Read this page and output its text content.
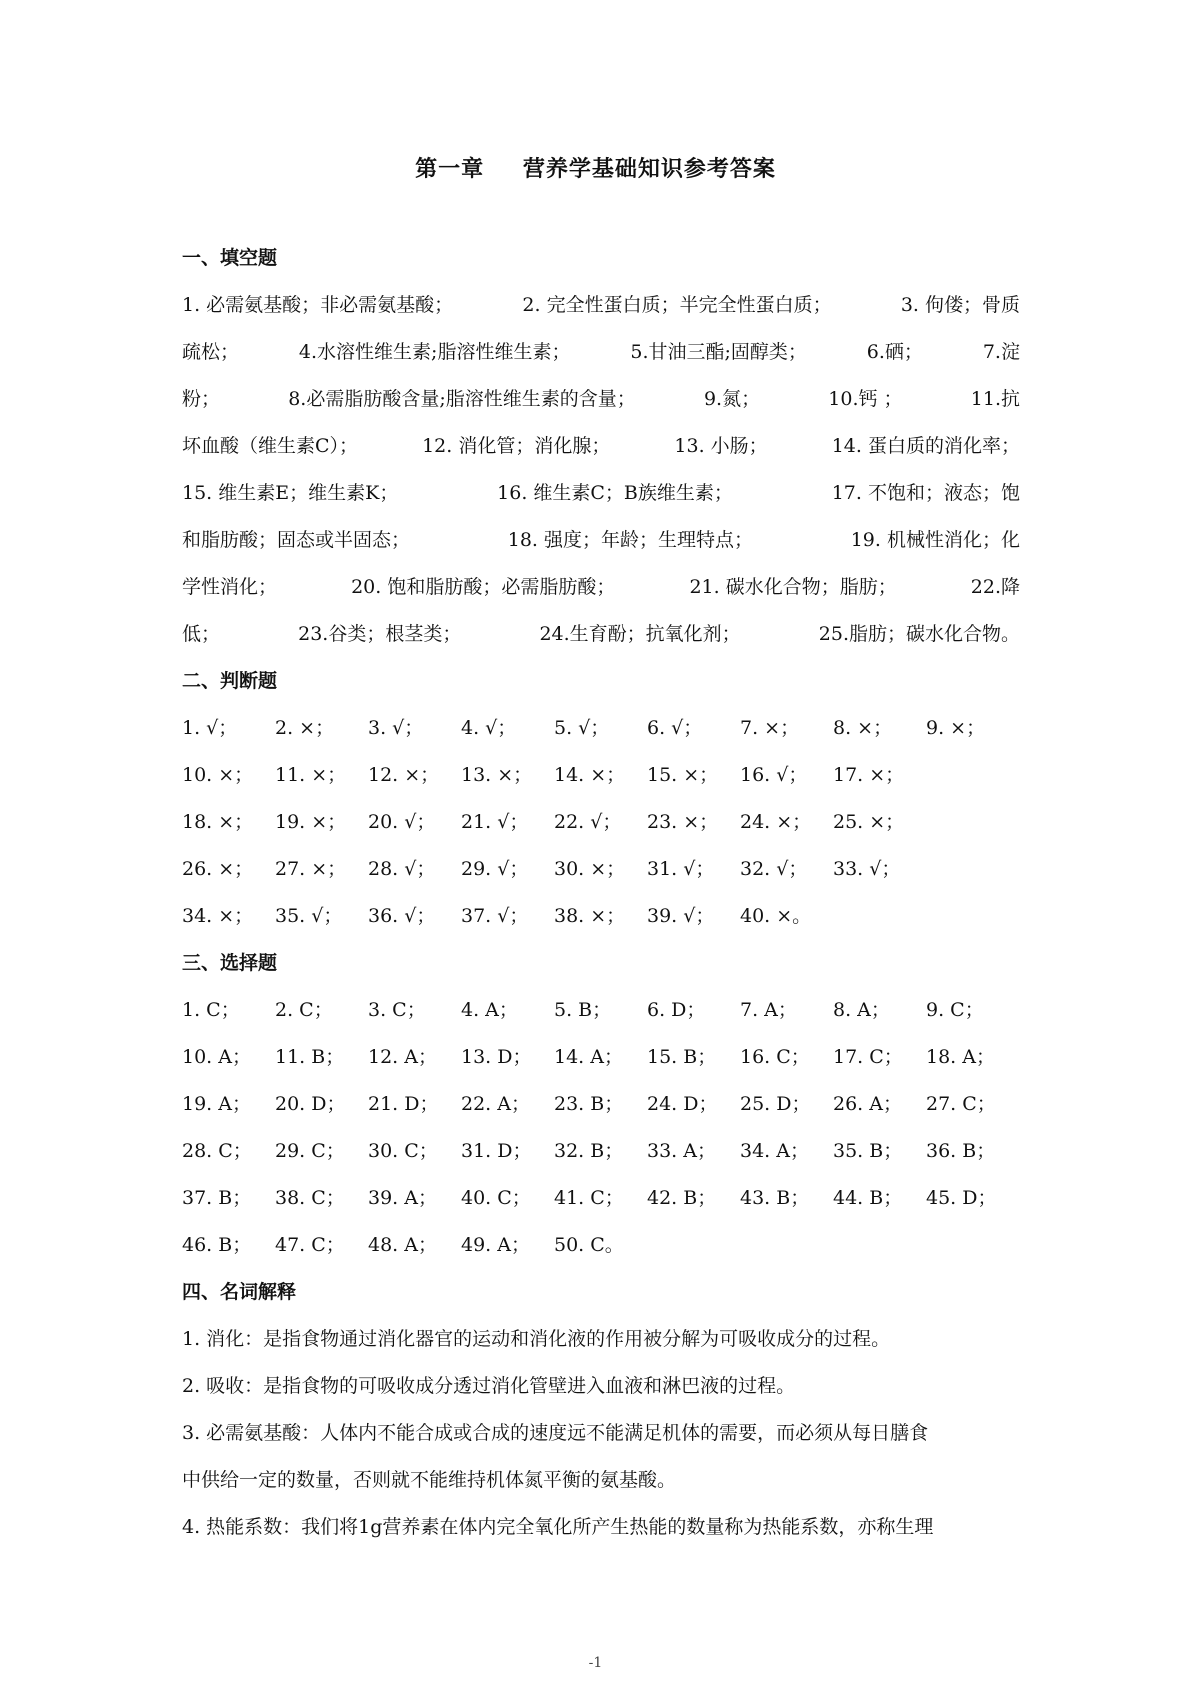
第一章 营养学基础知识参考答案
一、填空题
1. 必需氨基酸；非必需氨基酸；	2. 完全性蛋白质；半完全性蛋白质；	3. 佝偻；骨质
疏松；	4.水溶性维生素;脂溶性维生素；	5.甘油三酯;固醇类；	6.硒；	7.淀
粉；	8.必需脂肪酸含量;脂溶性维生素的含量；	9.氮；	10.钙 ；	11.抗
坏血酸（维生素C）；	12. 消化管；消化腺；	13. 小肠；	14. 蛋白质的消化率；
15. 维生素E；维生素K；	16. 维生素C；B族维生素；	17. 不饱和；液态；饱
和脂肪酸；固态或半固态；	18. 强度；年龄；生理特点；	19. 机械性消化；化
学性消化；	20. 饱和脂肪酸；必需脂肪酸；	21. 碳水化合物；脂肪；	22.降
低；	23.谷类；根茎类；	24.生育酚；抗氧化剂；	25.脂肪；碳水化合物。
二、判断题
1. √；	2. ×；	3. √；	4. √；	5. √；	6. √；	7. ×；	8. ×；	9. ×；
10. ×；	11. ×；	12. ×；	13. ×；	14. ×；	15. ×；	16. √；	17. ×；
18. ×；	19. ×；	20. √；	21. √；	22. √；	23. ×；	24. ×；	25. ×；
26. ×；	27. ×；	28. √；	29. √；	30. ×；	31. √；	32. √；	33. √；
34. ×；	35. √；	36. √；	37. √；	38. ×；	39. √；	40. ×。
三、选择题
1. C；	2. C；	3. C；	4. A；	5. B；	6. D；	7. A；	8. A；	9. C；
10. A；	11. B；	12. A；	13. D；	14. A；	15. B；	16. C；	17. C；	18. A；
19. A；	20. D；	21. D；	22. A；	23. B；	24. D；	25. D；	26. A；	27. C；
28. C；	29. C；	30. C；	31. D；	32. B；	33. A；	34. A；	35. B；	36. B；
37. B；	38. C；	39. A；	40. C；	41. C；	42. B；	43. B；	44. B；	45. D；
46. B；	47. C；	48. A；	49. A；	50. C。
四、名词解释
1. 消化：是指食物通过消化器官的运动和消化液的作用被分解为可吸收成分的过程。
2. 吸收：是指食物的可吸收成分透过消化管壁进入血液和淋巴液的过程。
3. 必需氨基酸：人体内不能合成或合成的速度远不能满足机体的需要，而必须从每日膳食
中供给一定的数量，否则就不能维持机体氮平衡的氨基酸。
4. 热能系数：我们将1g营养素在体内完全氧化所产生热能的数量称为热能系数，亦称生理
-1
